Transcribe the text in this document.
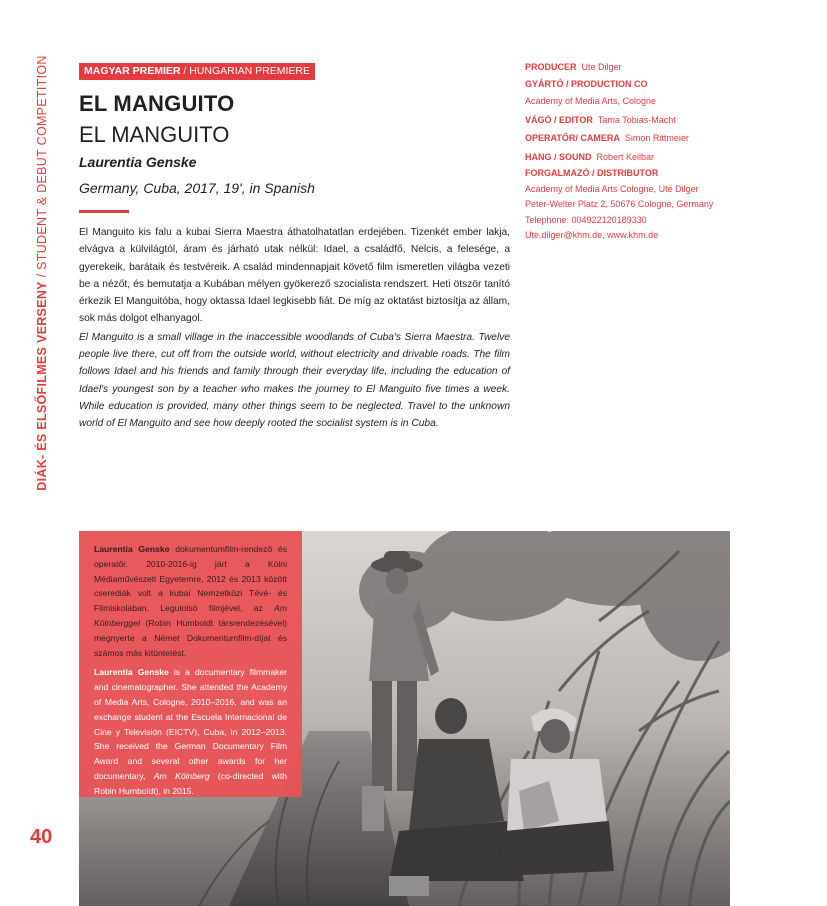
DIÁK- ÉS ELSŐFILMES VERSENY / STUDENT & DEBUT COMPETITION
40
MAGYAR PREMIER / HUNGARIAN PREMIERE
EL MANGUITO
EL MANGUITO
Laurentia Genske
Germany, Cuba, 2017, 19', in Spanish

El Manguito kis falu a kubai Sierra Maestra áthatolhatatlan erdejében. Tizenkét ember lakja, elvágva a külvilágtól, áram és járható utak nélkül: Idael, a családfő, Nelcis, a felesége, a gyerekeik, barátaik és testvéreik. A család mindennapjait követő film ismeretlen világba vezeti be a nézőt, és bemutatja a Kubában mélyen gyökerező szocialista rendszert. Heti ötször tanító érkezik El Manguitóba, hogy oktassa Idael legkisebb fiát. De míg az oktatást biztosítja az állam, sok más dolgot elhanyagol.

El Manguito is a small village in the inaccessible woodlands of Cuba's Sierra Maestra. Twelve people live there, cut off from the outside world, without electricity and drivable roads. The film follows Idael and his friends and family through their everyday life, including the education of Idael's youngest son by a teacher who makes the journey to El Manguito five times a week. While education is provided, many other things seem to be neglected. Travel to the unknown world of El Manguito and see how deeply rooted the socialist system is in Cuba.

PRODUCER Ute Dilger
GYÁRTÓ / PRODUCTION CO
Academy of Media Arts, Cologne
VÁGÓ / EDITOR Tama Tobias-Macht
OPERATŐR/ CAMERA Simon Rittmeier
HANG / SOUND Robert Keilbar
FORGALMAZÓ / DISTRIBUTOR
Academy of Media Arts Cologne, Ute Dilger
Peter-Welter Platz 2, 50676 Cologne, Germany
Telephone: 004922120189330
Ute.dilger@khm.de, www.khm.de

Laurentia Genske dokumentumfilm-rendező és operatőr. 2010-2016-ig járt a Kölni Médiaművészeti Egyetemre, 2012 és 2013 között cserediák volt a kubai Nemzetközi Tévé- és Filmiskolában. Legutolsó filmjével, az Am Kölnberggel (Robin Humboldt társrendezésével) megnyerte a Német Dokumentumfilm-díjat és számos más kitüntetést.

Laurentia Genske is a documentary filmmaker and cinematographer. She attended the Academy of Media Arts, Cologne, 2010–2016, and was an exchange student at the Escuela Internacional de Cine y Televisión (EICTV), Cuba, in 2012–2013. She received the German Documentary Film Award and several other awards for her documentary, Am Kölnberg (co-directed with Robin Humboldt), in 2015.
